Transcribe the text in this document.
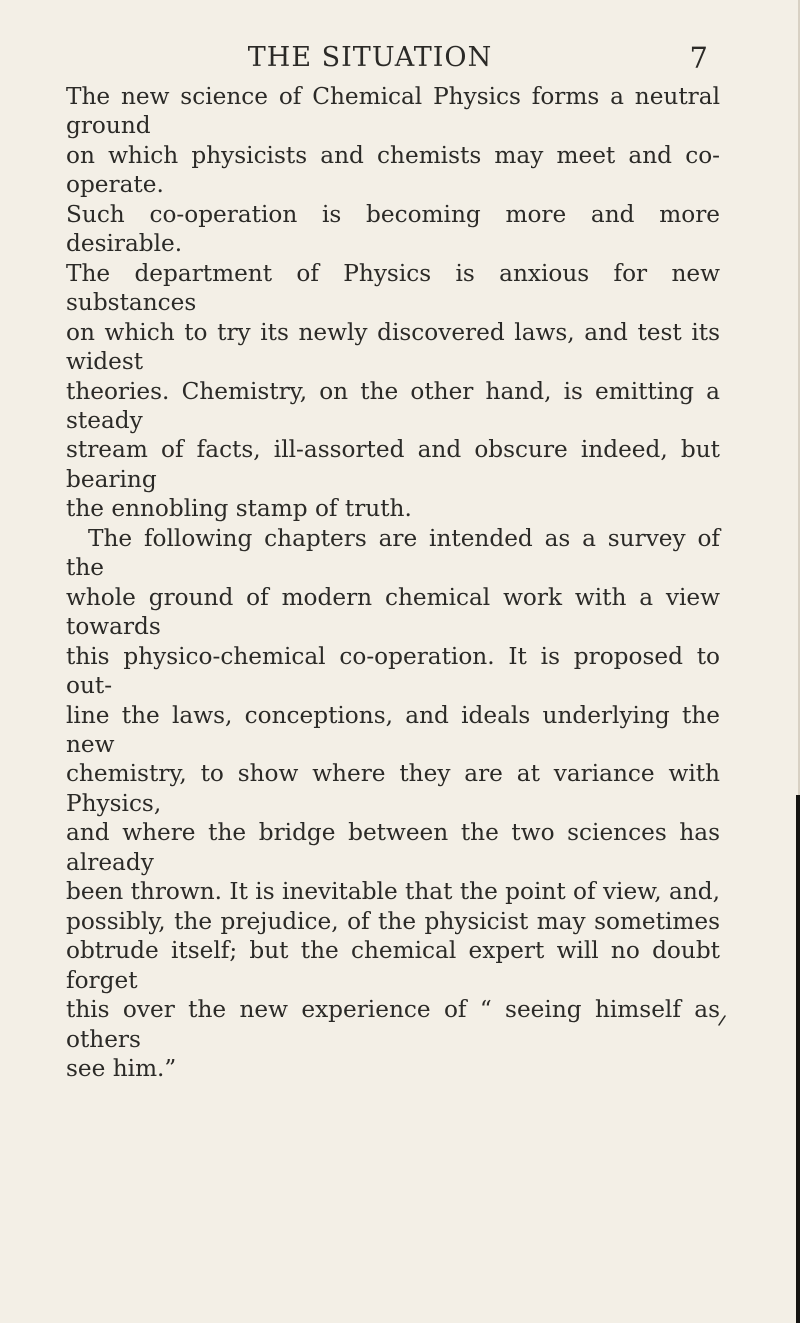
THE SITUATION	7

The new science of Chemical Physics forms a neutral ground

on which physicists and chemists may meet and co-operate.

Such co-operation is becoming more and more desirable.

The department of Physics is anxious for new substances

on which to try its newly discovered laws, and test its widest

theories. Chemistry, on the other hand, is emitting a steady

stream of facts, ill-assorted and obscure indeed, but bearing

the ennobling stamp of truth.

The following chapters are intended as a survey of the

whole ground of modern chemical work with a view towards

this physico-chemical co-operation. It is proposed to out-

line the laws, conceptions, and ideals underlying the new

chemistry, to show where they are at variance with Physics,

and where the bridge between the two sciences has already

been thrown. It is inevitable that the point of view, and,

possibly, the prejudice, of the physicist may sometimes

obtrude itself; but the chemical expert will no doubt forget

this over the new experience of “ seeing himself as others

see him.”
